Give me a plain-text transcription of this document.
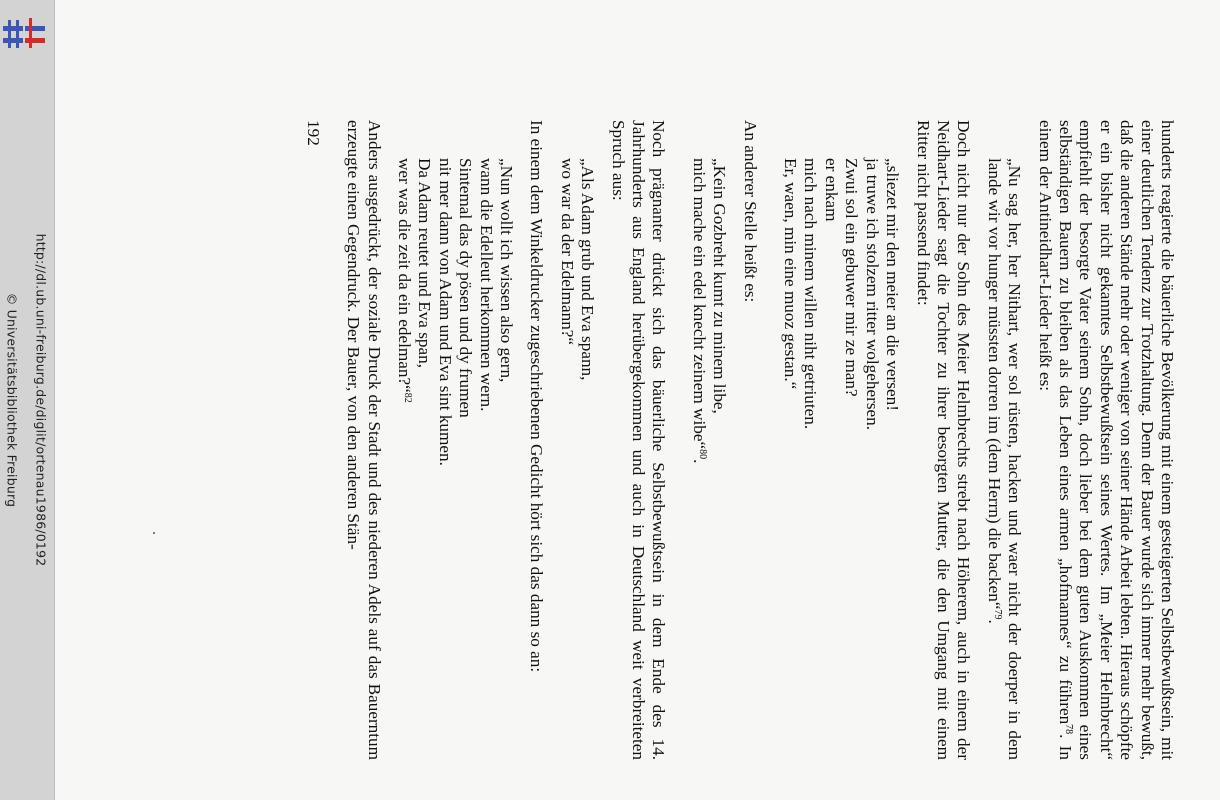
http://dl.ub.uni-freiburg.de/diglit/ortenau1986/0192
© Universitätsbibliothek Freiburg	hunderts reagierte die bäuerliche Bevölkerung mit einem gesteigerten Selbstbewußtsein, mit einer deutlichen Tendenz zur Trotzhaltung. Denn der Bauer wurde sich immer mehr bewußt, daß die anderen Stände mehr oder weniger von seiner Hände Arbeit lebten. Hieraus schöpfte er ein bisher nicht gekanntes Selbstbewußtsein seines Wertes. Im „Meier Helmbrecht“ empfiehlt der besorgte Vater seinem Sohn, doch lieber bei dem guten Auskommen eines selbständigen Bauern zu bleiben als das Leben eines armen „hofmannes“ zu führen$^{78}$. In einem der Antineidhart-Lieder heißt es:

„Nu sag her, her Nithart, wer sol rüsten, hacken und waer nicht der doerper in dem lande wir vor hunger müssten dorren im (dem Herrn) die backen“$^{79}$.

Doch nicht nur der Sohn des Meier Helmbrechts strebt nach Höherem, auch in einem der Neidhart-Lieder sagt die Tochter zu ihrer besorgten Mutter, die den Umgang mit einem Ritter nicht passend findet:

„sliezet mir den meier an die versen!
ja truwe ich stolzem ritter wolgehersen.
Zwui sol ein gebuwer mir ze man?
er enkam
mich nach minem willen niht getriuten.
Er, waen, min eine muoz gestan.“

An anderer Stelle heißt es:

„Kein Gozbreht kumt zu minem libe,
mich mache ein edel knecht zeinem wibe“$^{80}$.

Noch prägnanter drückt sich das bäuerliche Selbstbewußtsein in dem Ende des 14. Jahrhunderts aus England herübergekommen und auch in Deutschland weit verbreiteten Spruch aus:

„Als Adam grub und Eva spann,
wo war da der Edelmann?“

In einem dem Winkeldrucker zugeschriebenen Gedicht hört sich das dann so an:

„Nun wollt ich wissen also gern,
wann die Edelleut herkommen wern.
Sintemal das dy pösen und dy frumen
nit mer dann von Adam und Eva sint kumen.
Da Adam reutet und Eva span,
wer was die zeit da ein edelman?“$^{82}$

Anders ausgedrückt, der soziale Druck der Stadt und des niederen Adels auf das Bauerntum erzeugte einen Gegendruck. Der Bauer, von den anderen Stän-

192
